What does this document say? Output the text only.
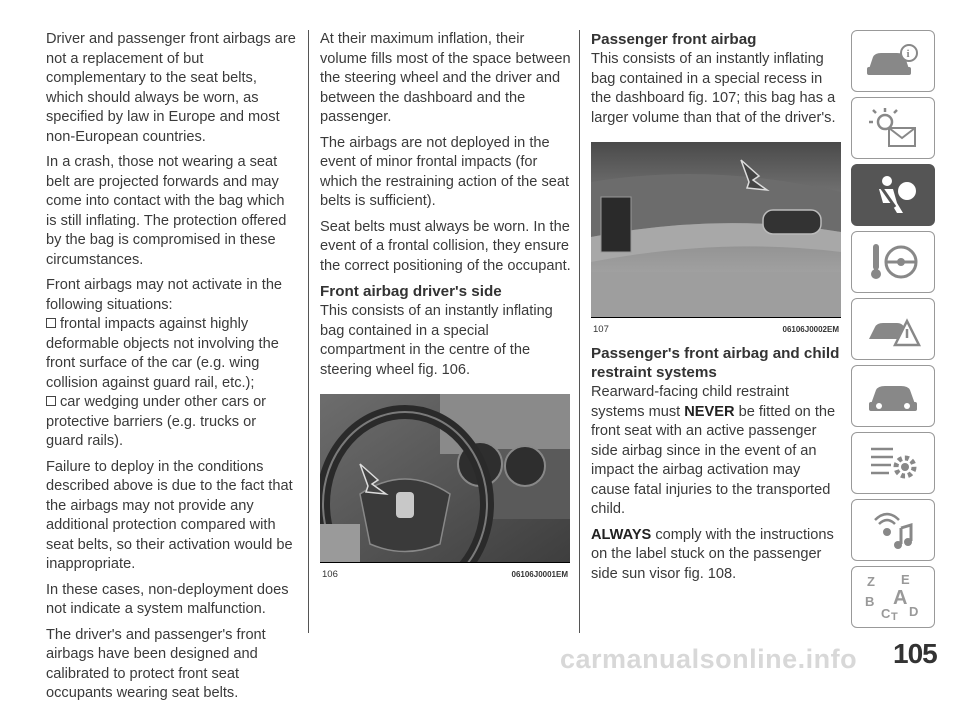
Driver and passenger front airbags are not a replacement of but complementary to the seat belts, which should always be worn, as specified by law in Europe and most non-European countries.

In a crash, those not wearing a seat belt are projected forwards and may come into contact with the bag which is still inflating. The protection offered by the bag is compromised in these circumstances.

Front airbags may not activate in the following situations:

frontal impacts against highly deformable objects not involving the front surface of the car (e.g. wing collision against guard rail, etc.);

car wedging under other cars or protective barriers (e.g. trucks or guard rails).

Failure to deploy in the conditions described above is due to the fact that the airbags may not provide any additional protection compared with seat belts, so their activation would be inappropriate.

In these cases, non-deployment does not indicate a system malfunction.

The driver's and passenger's front airbags have been designed and calibrated to protect front seat occupants wearing seat belts.

At their maximum inflation, their volume fills most of the space between the steering wheel and the driver and between the dashboard and the passenger.

The airbags are not deployed in the event of minor frontal impacts (for which the restraining action of the seat belts is sufficient).

Seat belts must always be worn. In the event of a frontal collision, they ensure the correct positioning of the occupant.

Front airbag driver's side

This consists of an instantly inflating bag contained in a special compartment in the centre of the steering wheel fig. 106.

106	06106J0001EM
Passenger front airbag

This consists of an instantly inflating bag contained in a special recess in the dashboard fig. 107; this bag has a larger volume than that of the driver's.

107	06106J0002EM
Passenger's front airbag and child restraint systems

Rearward-facing child restraint systems must NEVER be fitted on the front seat with an active passenger side airbag since in the event of an impact the airbag activation may cause fatal injuries to the transported child.

ALWAYS comply with the instructions on the label stuck on the passenger side sun visor fig. 108.

i
Z E
B A
C D
T
carmanualsonline.info 105
